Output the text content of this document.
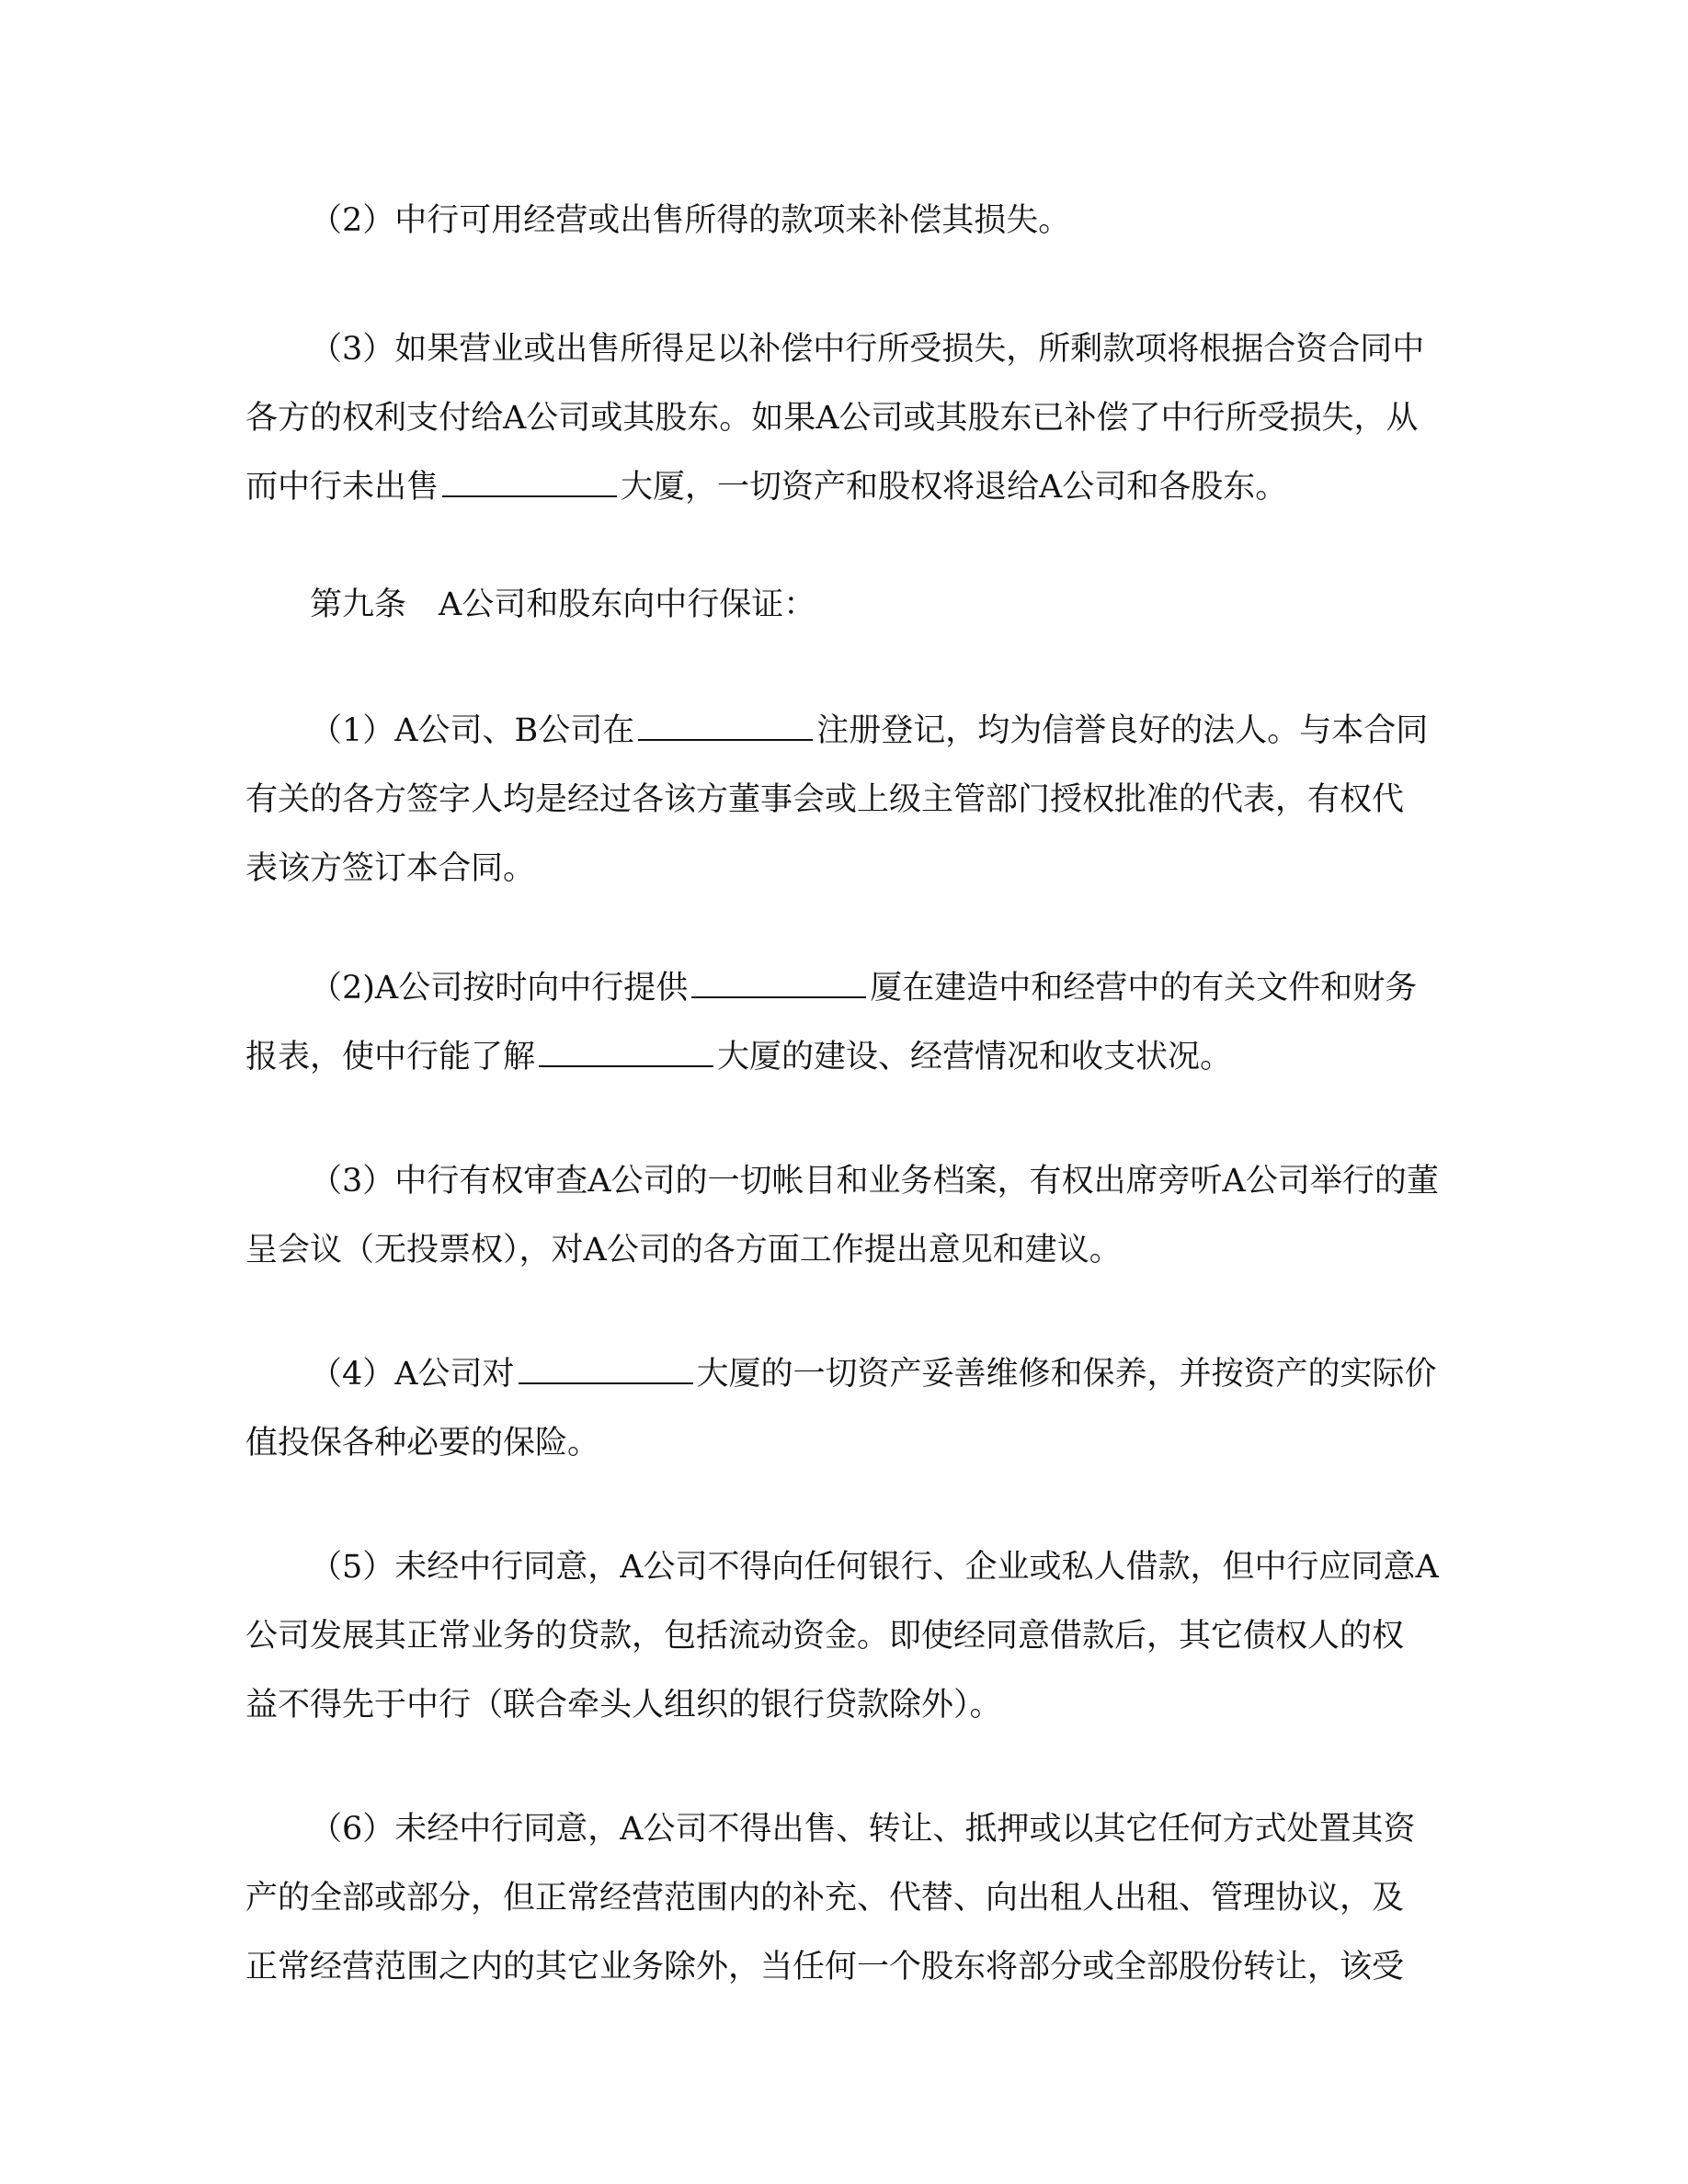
（2）中行可用经营或出售所得的款项来补偿其损失。
（3）如果营业或出售所得足以补偿中行所受损失，所剩款项将根据合资合同中
各方的权利支付给A公司或其股东。如果A公司或其股东已补偿了中行所受损失，从
而中行未出售	大厦，一切资产和股权将退给A公司和各股东。
第九条　A公司和股东向中行保证：
（1）A公司、B公司在	注册登记，均为信誉良好的法人。与本合同
有关的各方签字人均是经过各该方董事会或上级主管部门授权批准的代表，有权代
表该方签订本合同。
（2)A公司按时向中行提供	厦在建造中和经营中的有关文件和财务
报表，使中行能了解	大厦的建设、经营情况和收支状况。
（3）中行有权审查A公司的一切帐目和业务档案，有权出席旁听A公司举行的董
呈会议（无投票权），对A公司的各方面工作提出意见和建议。
（4）A公司对	大厦的一切资产妥善维修和保养，并按资产的实际价
值投保各种必要的保险。
（5）未经中行同意，A公司不得向任何银行、企业或私人借款，但中行应同意A
公司发展其正常业务的贷款，包括流动资金。即使经同意借款后，其它债权人的权
益不得先于中行（联合牵头人组织的银行贷款除外）。
（6）未经中行同意，A公司不得出售、转让、抵押或以其它任何方式处置其资
产的全部或部分，但正常经营范围内的补充、代替、向出租人出租、管理协议，及
正常经营范围之内的其它业务除外，当任何一个股东将部分或全部股份转让，该受
